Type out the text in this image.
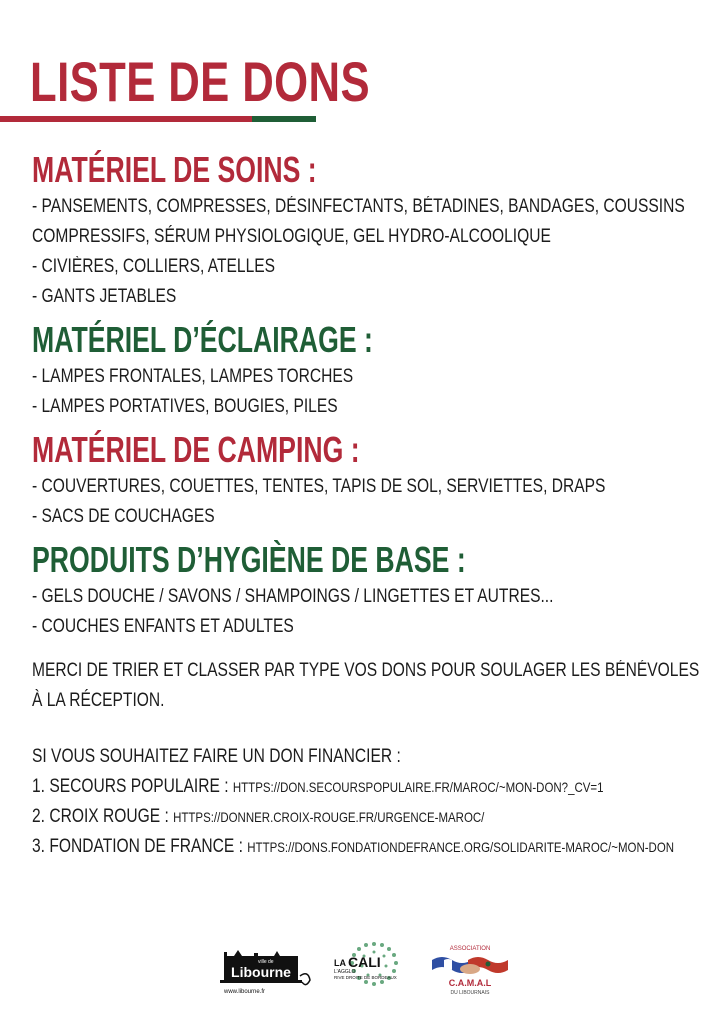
LISTE DE DONS
MATÉRIEL DE SOINS :
- PANSEMENTS, COMPRESSES, DÉSINFECTANTS, BÉTADINES, BANDAGES, COUSSINS COMPRESSIFS, SÉRUM PHYSIOLOGIQUE, GEL HYDRO-ALCOOLIQUE
- CIVIÈRES, COLLIERS, ATELLES
- GANTS JETABLES
MATÉRIEL D’ÉCLAIRAGE :
- LAMPES FRONTALES, LAMPES TORCHES
- LAMPES PORTATIVES, BOUGIES, PILES
MATÉRIEL DE CAMPING :
- COUVERTURES, COUETTES, TENTES, TAPIS DE SOL, SERVIETTES, DRAPS
- SACS DE COUCHAGES
PRODUITS D’HYGIÈNE DE BASE :
- GELS DOUCHE / SAVONS / SHAMPOINGS / LINGETTES ET AUTRES...
- COUCHES ENFANTS ET ADULTES

MERCI DE TRIER ET CLASSER PAR TYPE VOS DONS POUR SOULAGER LES BÉNÉVOLES À LA RÉCEPTION.

SI VOUS SOUHAITEZ FAIRE UN DON FINANCIER :

1. SECOURS POPULAIRE : HTTPS://DON.SECOURSPOPULAIRE.FR/MAROC/~MON-DON?_CV=1

2. CROIX ROUGE : HTTPS://DONNER.CROIX-ROUGE.FR/URGENCE-MAROC/

3. FONDATION DE FRANCE : HTTPS://DONS.FONDATIONDEFRANCE.ORG/SOLIDARITE-MAROC/~MON-DON

ville de
Libourne
www.libourne.fr
LA CALI
L’AGGLO
RIVE DROITE DE BORDEAUX
ASSOCIATION
C.A.M.A.L
DU LIBOURNAIS
